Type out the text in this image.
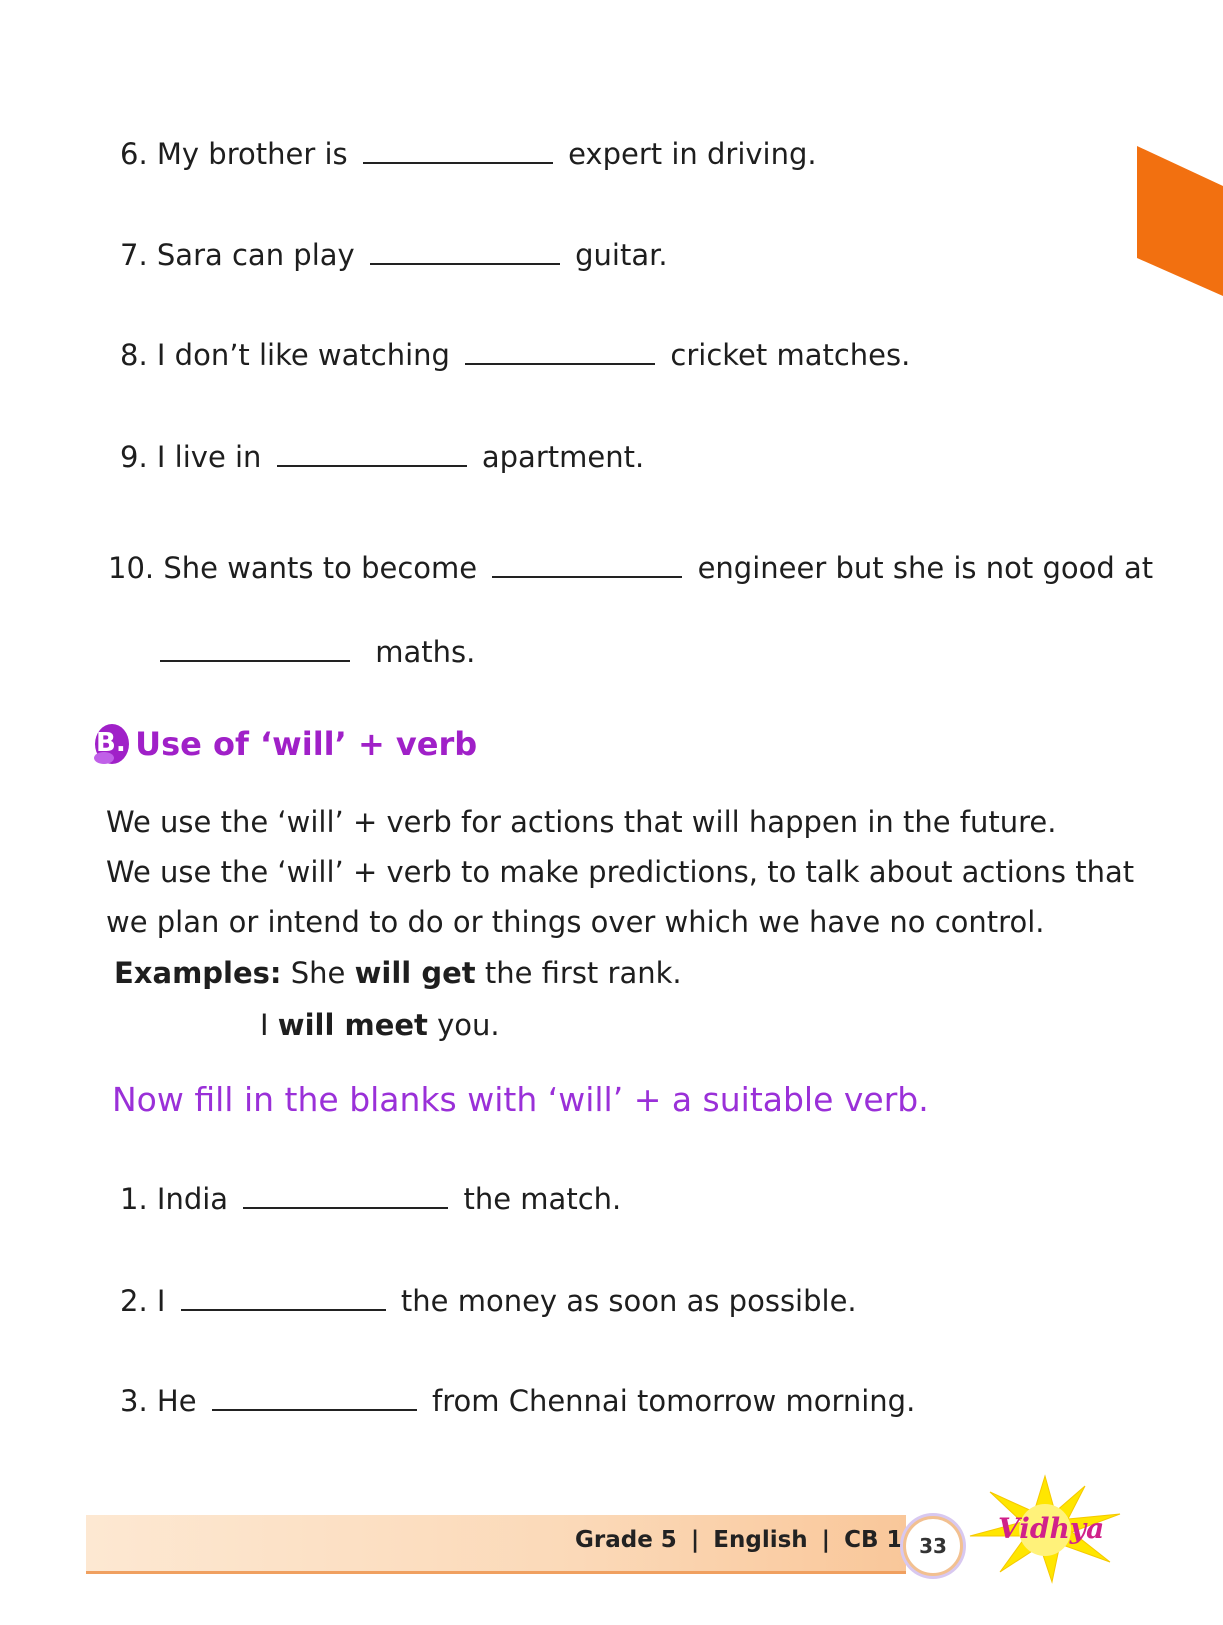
6. My brother is	expert in driving.
7. Sara can play	guitar.
8. I don’t like watching	cricket matches.
9. I live in	apartment.
10. She wants to become	engineer but she is not good at
maths.
B. Use of ‘will’ + verb
We use the ‘will’ + verb for actions that will happen in the future.
We use the ‘will’ + verb to make predictions, to talk about actions that
we plan or intend to do or things over which we have no control.
Examples: She will get the first rank.
I will meet you.
Now fill in the blanks with ‘will’ + a suitable verb.
1. India	the match.
2. I	the money as soon as possible.
3. He	from Chennai tomorrow morning.
Grade 5 | English | CB 1 33
Vidhya
